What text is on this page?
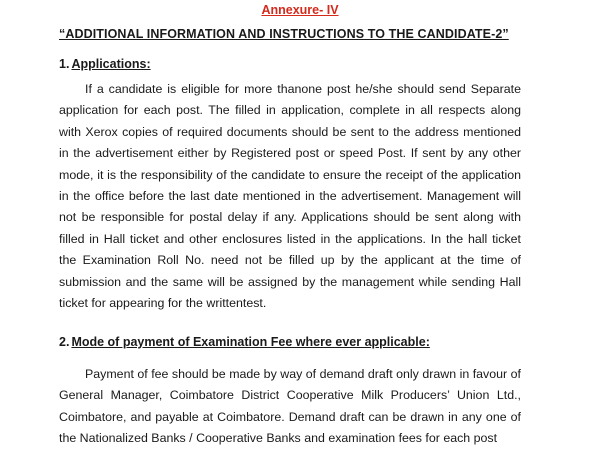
Annexure- IV
“ADDITIONAL INFORMATION AND INSTRUCTIONS TO THE CANDIDATE-2”
1. Applications:

If a candidate is eligible for more thanone post he/she should send Separate application for each post. The filled in application, complete in all respects along with Xerox copies of required documents should be sent to the address mentioned in the advertisement either by Registered post or speed Post. If sent by any other mode, it is the responsibility of the candidate to ensure the receipt of the application in the office before the last date mentioned in the advertisement. Management will not be responsible for postal delay if any. Applications should be sent along with filled in Hall ticket and other enclosures listed in the applications. In the hall ticket the Examination Roll No. need not be filled up by the applicant at the time of submission and the same will be assigned by the management while sending Hall ticket for appearing for the writtentest.

2. Mode of payment of Examination Fee where ever applicable:

Payment of fee should be made by way of demand draft only drawn in favour of General Manager, Coimbatore District Cooperative Milk Producers’ Union Ltd., Coimbatore, and payable at Coimbatore. Demand draft can be drawn in any one of the Nationalized Banks / Cooperative Banks and examination fees for each post
